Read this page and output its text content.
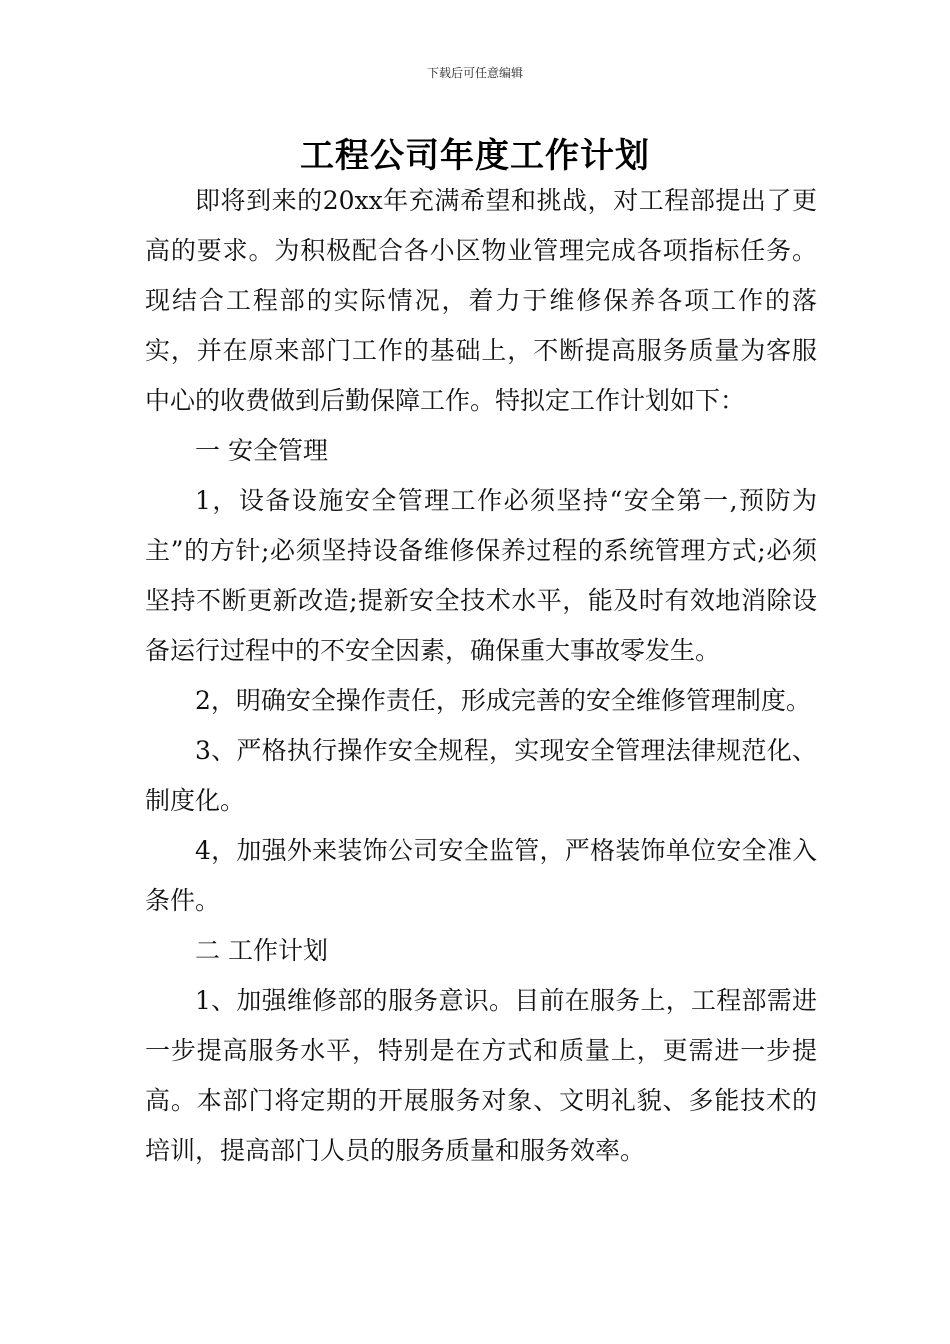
下载后可任意编辑
工程公司年度工作计划

即将到来的20xx年充满希望和挑战，对工程部提出了更高的要求。为积极配合各小区物业管理完成各项指标任务。现结合工程部的实际情况，着力于维修保养各项工作的落实，并在原来部门工作的基础上，不断提高服务质量为客服中心的收费做到后勤保障工作。特拟定工作计划如下：

一 安全管理

1，设备设施安全管理工作必须坚持“安全第一,预防为主”的方针;必须坚持设备维修保养过程的系统管理方式;必须坚持不断更新改造;提新安全技术水平，能及时有效地消除设备运行过程中的不安全因素，确保重大事故零发生。

2，明确安全操作责任，形成完善的安全维修管理制度。

3、严格执行操作安全规程，实现安全管理法律规范化、制度化。

4，加强外来装饰公司安全监管，严格装饰单位安全准入条件。

二 工作计划

1、加强维修部的服务意识。目前在服务上，工程部需进一步提高服务水平，特别是在方式和质量上，更需进一步提高。本部门将定期的开展服务对象、文明礼貌、多能技术的培训，提高部门人员的服务质量和服务效率。
